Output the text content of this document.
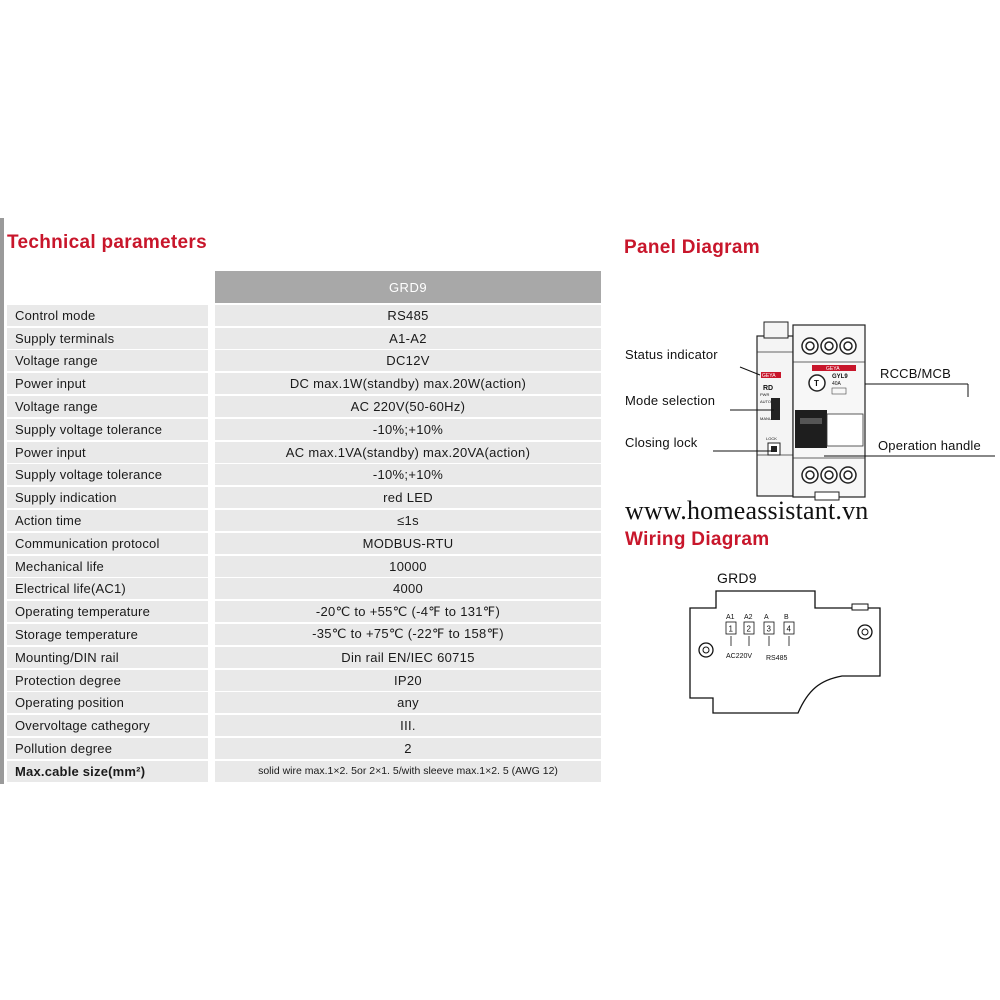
Technical parameters	Panel Diagram
Wiring Diagram
GRD9
Control mode	RS485
Supply terminals	A1-A2
Voltage range	DC12V
Power input	DC max.1W(standby) max.20W(action)
Voltage range	AC 220V(50-60Hz)
Supply voltage tolerance	-10%;+10%
Power input	AC max.1VA(standby) max.20VA(action)
Supply voltage tolerance	-10%;+10%
Supply indication	red LED
Action time	≤1s
Communication protocol	MODBUS-RTU
Mechanical life	10000
Electrical life(AC1)	4000
Operating temperature	-20℃ to +55℃ (-4℉ to 131℉)
Storage temperature	-35℃ to +75℃ (-22℉ to 158℉)
Mounting/DIN rail	Din rail EN/IEC 60715
Protection degree	IP20
Operating position	any
Overvoltage cathegory	III.
Pollution degree	2
Max.cable size(mm²)	solid wire max.1×2. 5or 2×1. 5/with sleeve max.1×2. 5 (AWG 12)
GEYA
RD
PWR
AUTO
MANU
LOCK
GEYA
T
GYL9
40A
Status indicator
Mode selection
Closing lock
RCCB/MCB
Operation handle
www.homeassistant.vn
GRD9
A1
1
A2
2
A
3
B
4
AC220V RS485
